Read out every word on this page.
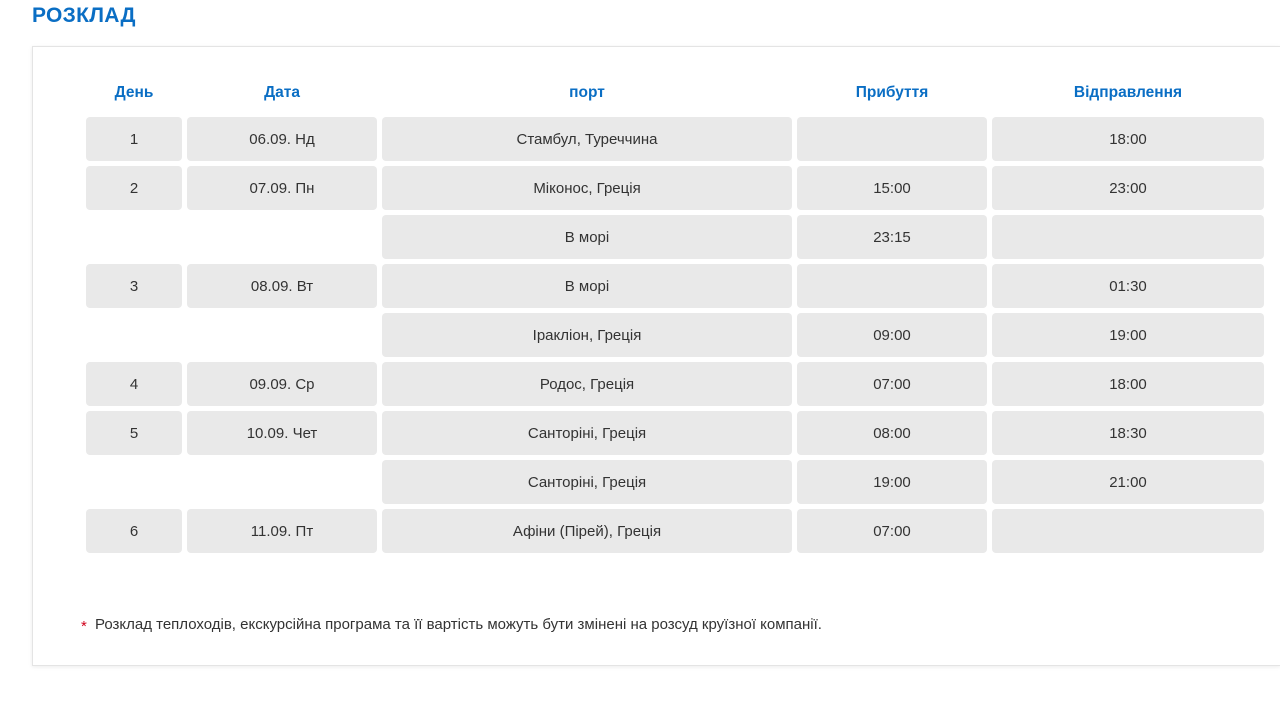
РОЗКЛАД
День	Дата	порт	Прибуття	Відправлення
1	06.09. Нд	Стамбул, Туреччина		18:00
2	07.09. Пн	Міконос, Греція	15:00	23:00
		В морі	23:15	
3	08.09. Вт	В морі		01:30
		Іракліон, Греція	09:00	19:00
4	09.09. Ср	Родос, Греція	07:00	18:00
5	10.09. Чет	Санторіні, Греція	08:00	18:30
		Санторіні, Греція	19:00	21:00
6	11.09. Пт	Афіни (Пірей), Греція	07:00	
* Розклад теплоходів, екскурсійна програма та її вартість можуть бути змінені на розсуд круїзної компанії.
